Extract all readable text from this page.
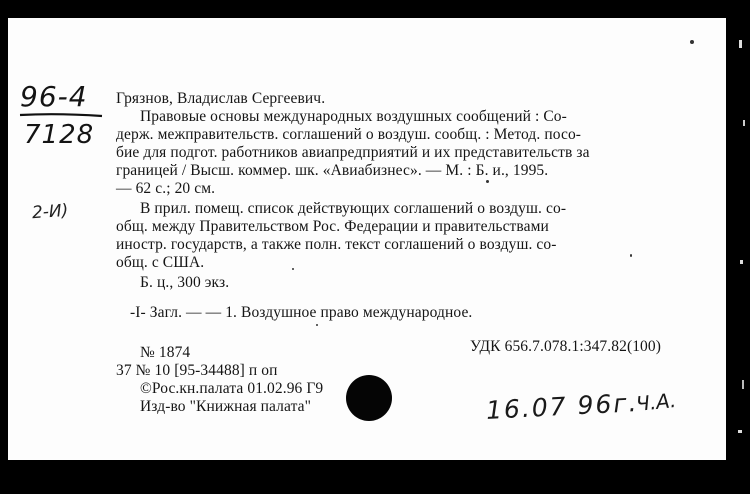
96-4
7128
2-И)
Грязнов, Владислав Сергеевич.
Правовые основы международных воздушных сообщений : Со-
держ. межправительств. соглашений о воздуш. сообщ. : Метод. посо-
бие для подгот. работников авиапредприятий и их представительств за
границей / Высш. коммер. шк. «Авиабизнес». — М. : Б. и., 1995.
— 62 с.; 20 см.
В прил. помещ. список действующих соглашений о воздуш. со-
общ. между Правительством Рос. Федерации и правительствами
иностр. государств, а также полн. текст соглашений о воздуш. со-
общ. с США.
Б. ц., 300 экз.
-I- Загл. — — 1. Воздушное право международное.
№ 1874	УДК 656.7.078.1:347.82(100)
37 № 10 [95-34488] п оп
©Рос.кн.палата 01.02.96 Г9
Изд-во "Книжная палата"	16.07 96г.
Ч.А.
